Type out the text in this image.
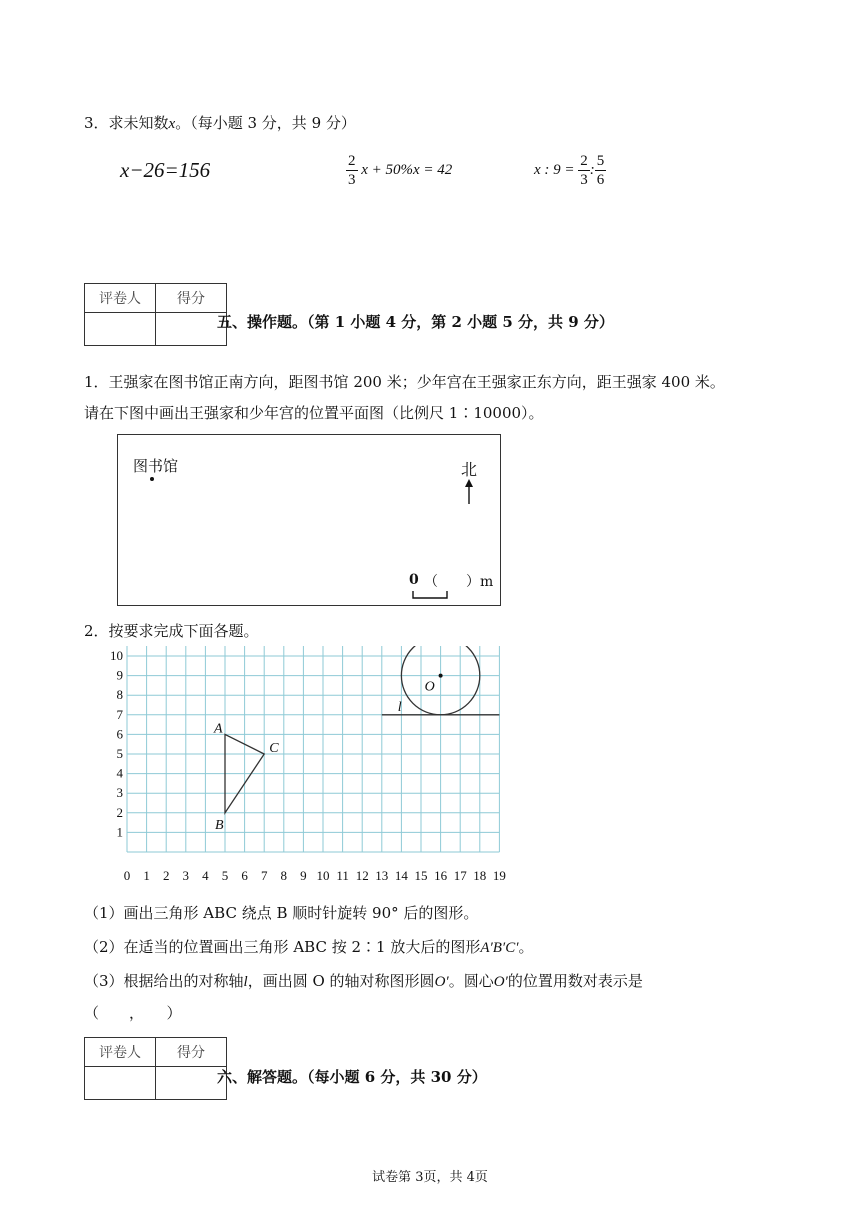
3．求未知数x。（每小题 3 分，共 9 分）
x−26=156	$\frac{2}{3}$ x + 50%x = 42	x : $9 = \frac{2}{3}$ : $\frac{5}{6}$
评卷人	得分

五、操作题。（第 1 小题 4 分，第 2 小题 5 分，共 9 分）
1．王强家在图书馆正南方向，距图书馆 200 米；少年宫在王强家正东方向，距王强家 400 米。
请在下图中画出王强家和少年宫的位置平面图（比例尺 1∶10000）。
图书馆	北
0 （　　）m
2．按要求完成下面各题。
0 1 2 3 4 5 6 7 8 9 10 11 12 13 14 15 16 17 18 19
1
2
3
4
5
6
7
8
9
10
A
B
C
O
l
（1）画出三角形 ABC 绕点 B 顺时针旋转 90° 后的图形。
（2）在适当的位置画出三角形 ABC 按 2∶1 放大后的图形A′B′C′。
（3）根据给出的对称轴l，画出圆 O 的轴对称图形圆O′。圆心O′的位置用数对表示是
（　　，　　）
评卷人	得分

六、解答题。（每小题 6 分，共 30 分）
试卷第 3页，共 4页
